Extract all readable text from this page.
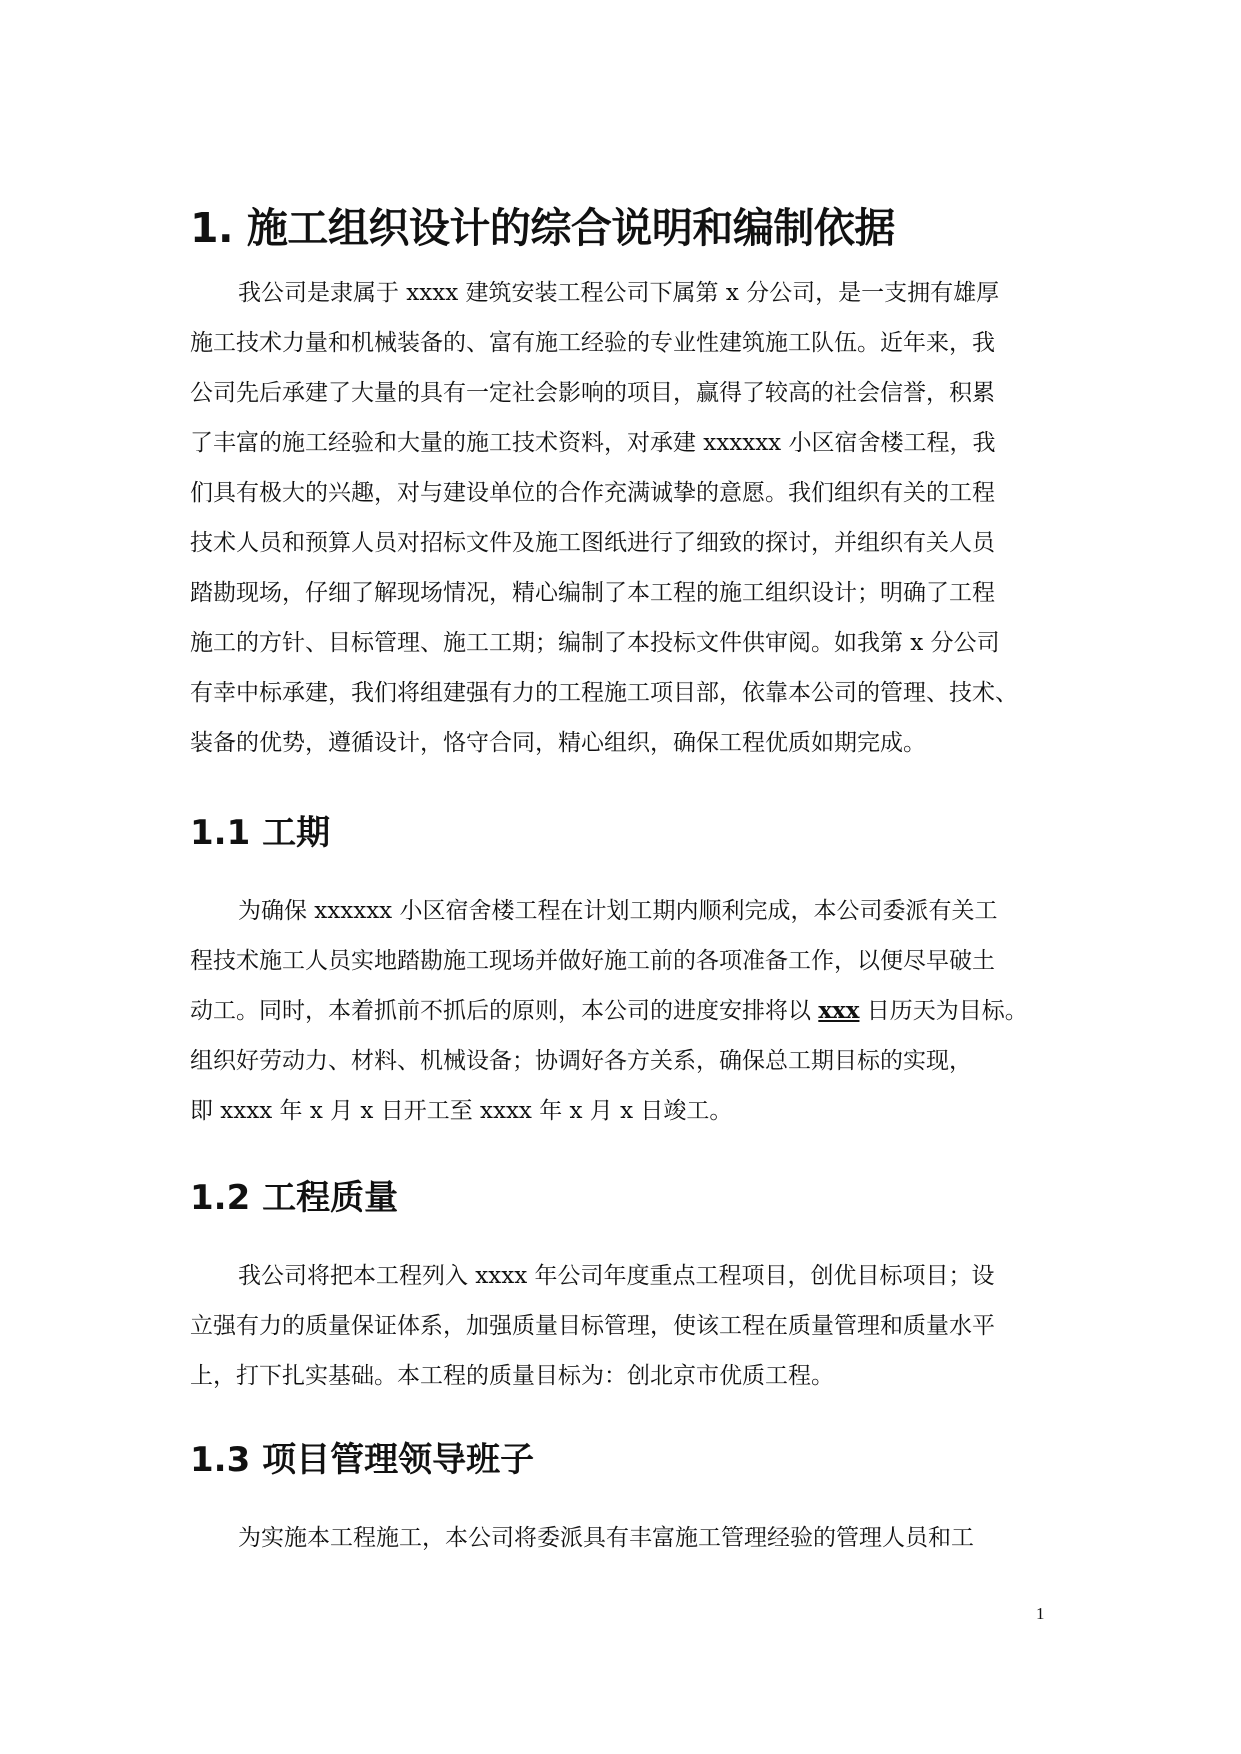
1. 施工组织设计的综合说明和编制依据
我公司是隶属于 xxxx 建筑安装工程公司下属第 x 分公司，是一支拥有雄厚
施工技术力量和机械装备的、富有施工经验的专业性建筑施工队伍。近年来，我
公司先后承建了大量的具有一定社会影响的项目，赢得了较高的社会信誉，积累
了丰富的施工经验和大量的施工技术资料，对承建 xxxxxx 小区宿舍楼工程，我
们具有极大的兴趣，对与建设单位的合作充满诚挚的意愿。我们组织有关的工程
技术人员和预算人员对招标文件及施工图纸进行了细致的探讨，并组织有关人员
踏勘现场，仔细了解现场情况，精心编制了本工程的施工组织设计；明确了工程
施工的方针、目标管理、施工工期；编制了本投标文件供审阅。如我第 x 分公司
有幸中标承建，我们将组建强有力的工程施工项目部，依靠本公司的管理、技术、
装备的优势，遵循设计，恪守合同，精心组织，确保工程优质如期完成。
1.1 工期
为确保 xxxxxx 小区宿舍楼工程在计划工期内顺利完成，本公司委派有关工
程技术施工人员实地踏勘施工现场并做好施工前的各项准备工作，以便尽早破土
动工。同时，本着抓前不抓后的原则，本公司的进度安排将以 xxx 日历天为目标。
组织好劳动力、材料、机械设备；协调好各方关系，确保总工期目标的实现，
即 xxxx 年 x 月 x 日开工至 xxxx 年 x 月 x 日竣工。
1.2 工程质量
我公司将把本工程列入 xxxx 年公司年度重点工程项目，创优目标项目；设
立强有力的质量保证体系，加强质量目标管理，使该工程在质量管理和质量水平
上，打下扎实基础。本工程的质量目标为：创北京市优质工程。
1.3 项目管理领导班子
为实施本工程施工，本公司将委派具有丰富施工管理经验的管理人员和工
1
